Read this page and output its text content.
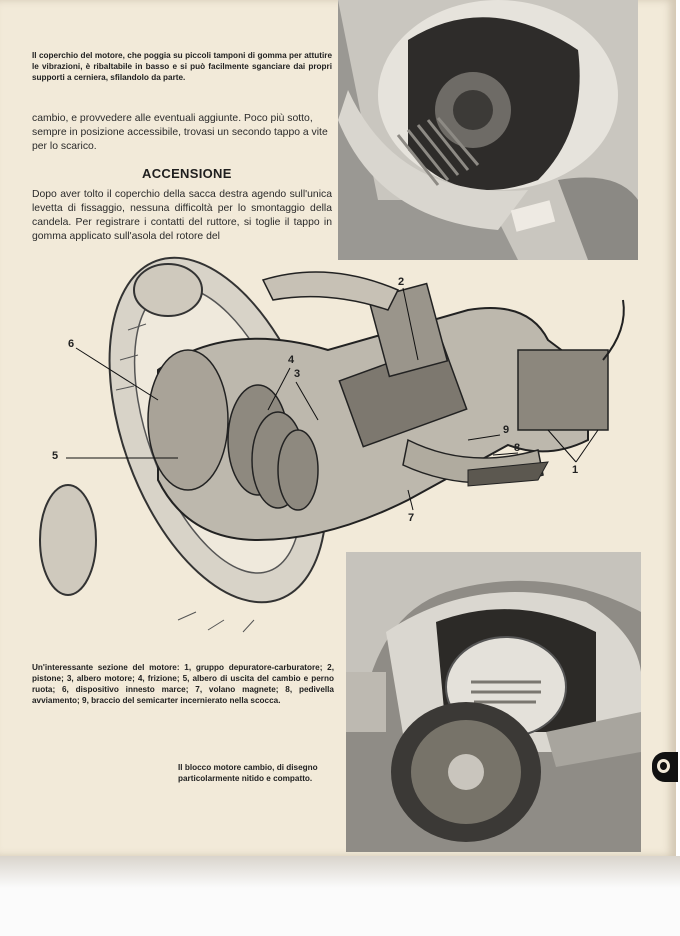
Il coperchio del motore, che poggia su piccoli tamponi di gomma per attutire le vibrazioni, è ribaltabile in basso e si può facilmente sganciare dai propri supporti a cerniera, sfilandolo da parte.
cambio, e provvedere alle eventuali aggiunte. Poco più sotto, sempre in posizione accessibile, trovasi un secondo tappo a vite per lo scarico.
ACCENSIONE
Dopo aver tolto il coperchio della sacca destra agendo sull'unica levetta di fissaggio, nessuna difficoltà per lo smontaggio della candela. Per registrare i contatti del ruttore, si toglie il tappo in gomma applicato sull'asola del rotore del
2
4
3
6
5
7
8
9
1
Un'interessante sezione del motore: 1, gruppo depuratore-carburatore; 2, pistone; 3, albero motore; 4, frizione; 5, albero di uscita del cambio e perno ruota; 6, dispositivo innesto marce; 7, volano magnete; 8, pedivella avviamento; 9, braccio del semicarter incernierato nella scocca.
Il blocco motore cambio, di disegno particolarmente nitido e compatto.
